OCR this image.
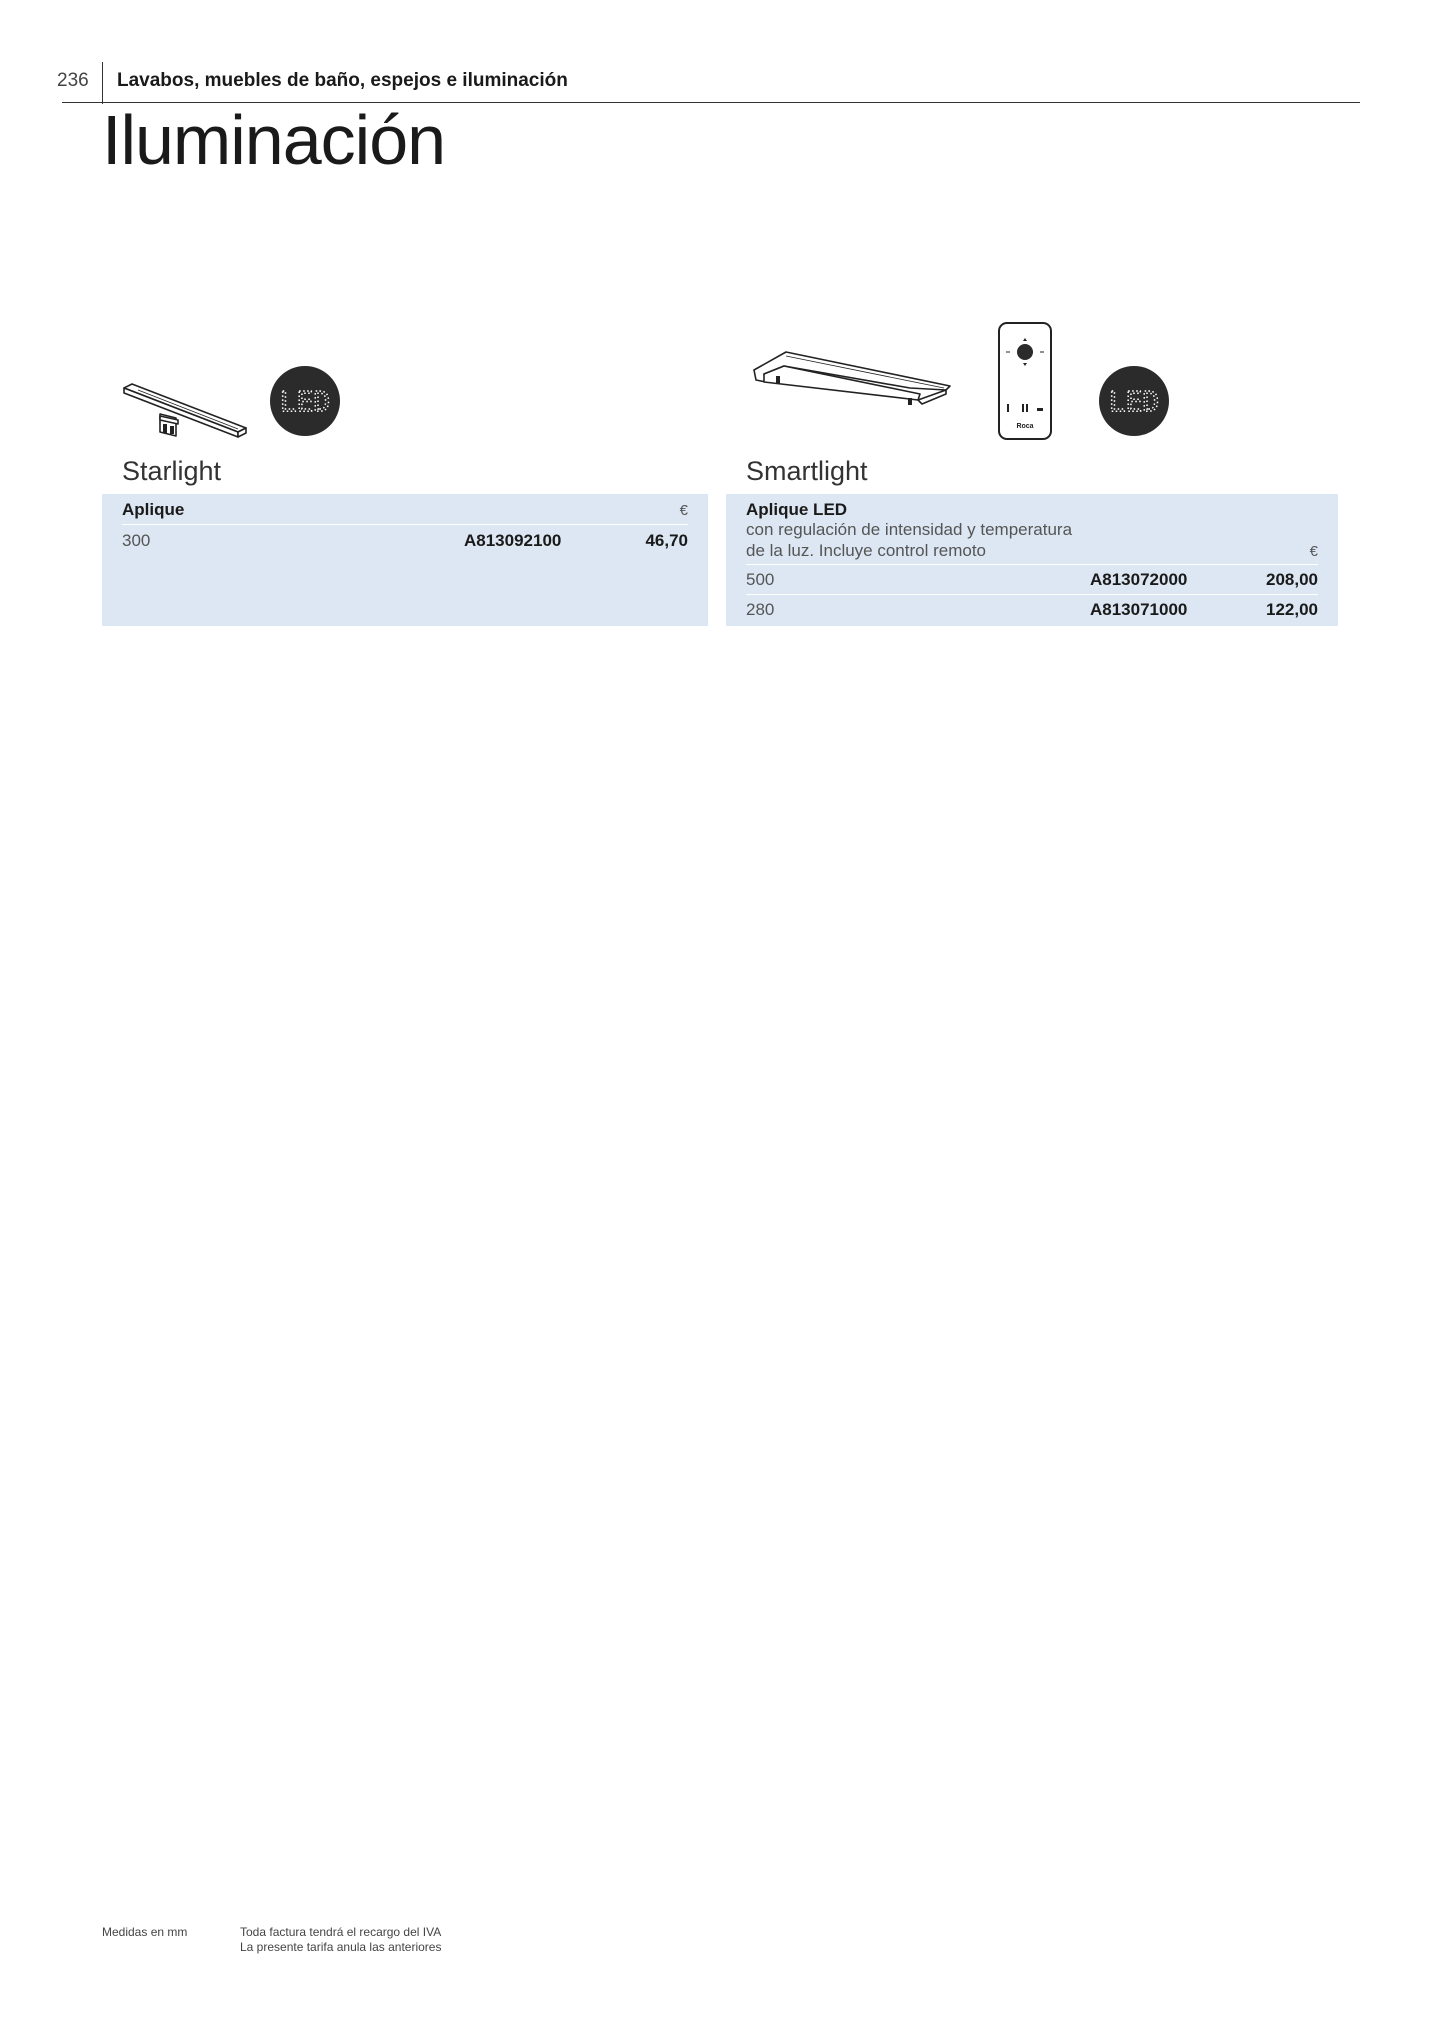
236 Lavabos, muebles de baño, espejos e iluminación
Iluminación
LED
Roca
LED
Starlight	Smartlight
Aplique	€
300	A813092100	46,70
Aplique LED
con regulación de intensidad y temperatura
de la luz. Incluye control remoto	€
500	A813072000	208,00
280	A813071000	122,00
Medidas en mm	Toda factura tendrá el recargo del IVA
La presente tarifa anula las anteriores
